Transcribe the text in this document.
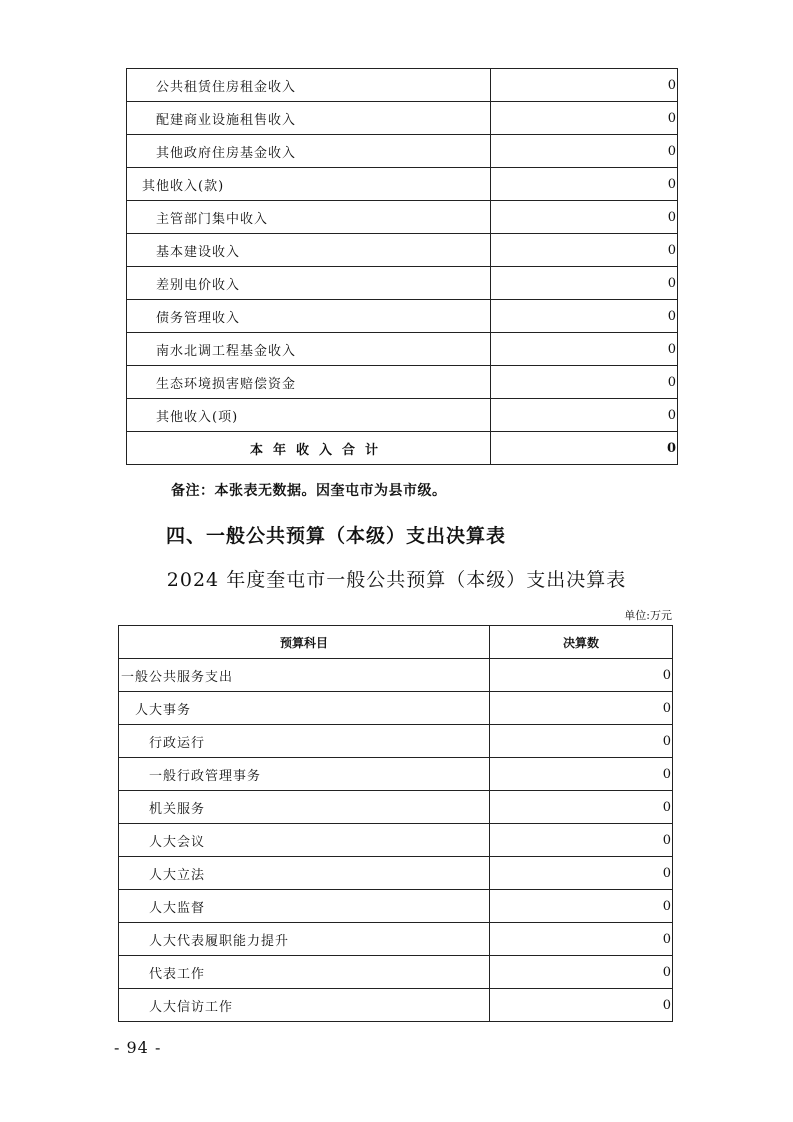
公共租赁住房租金收入	0
配建商业设施租售收入	0
其他政府住房基金收入	0
其他收入(款)	0
主管部门集中收入	0
基本建设收入	0
差别电价收入	0
债务管理收入	0
南水北调工程基金收入	0
生态环境损害赔偿资金	0
其他收入(项)	0
本年收入合计	0
备注：本张表无数据。因奎屯市为县市级。
四、一般公共预算（本级）支出决算表
2024 年度奎屯市一般公共预算（本级）支出决算表
单位:万元
预算科目	决算数
一般公共服务支出	0
人大事务	0
行政运行	0
一般行政管理事务	0
机关服务	0
人大会议	0
人大立法	0
人大监督	0
人大代表履职能力提升	0
代表工作	0
人大信访工作	0
- 94 -
